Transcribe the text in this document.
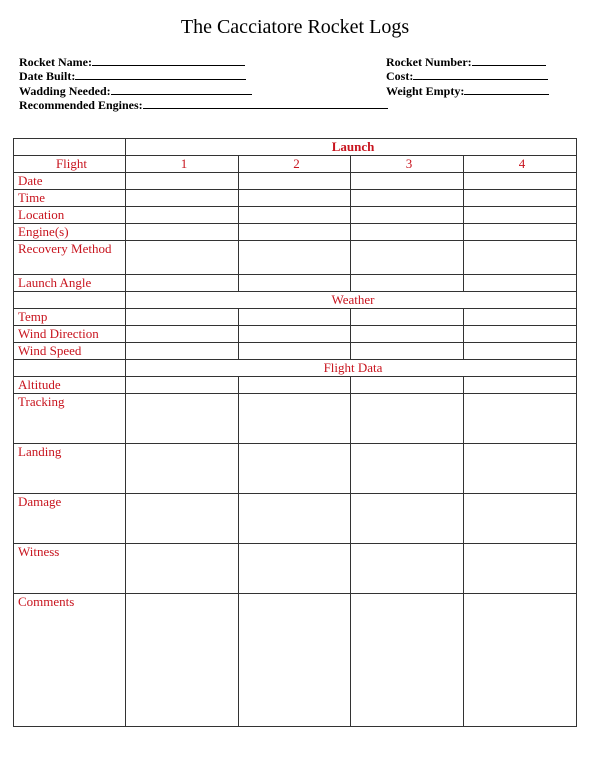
The Cacciatore Rocket Logs
Rocket Name:
Date Built:
Wadding Needed:
Recommended Engines:
Rocket Number:
Cost:
Weight Empty:
	Launch			
Flight	1	2	3	4
Date				
Time				
Location				
Engine(s)				
Recovery Method				
Launch Angle				
	Weather			
Temp				
Wind Direction				
Wind Speed				
	Flight Data			
Altitude				
Tracking				
Landing				
Damage				
Witness				
Comments				
